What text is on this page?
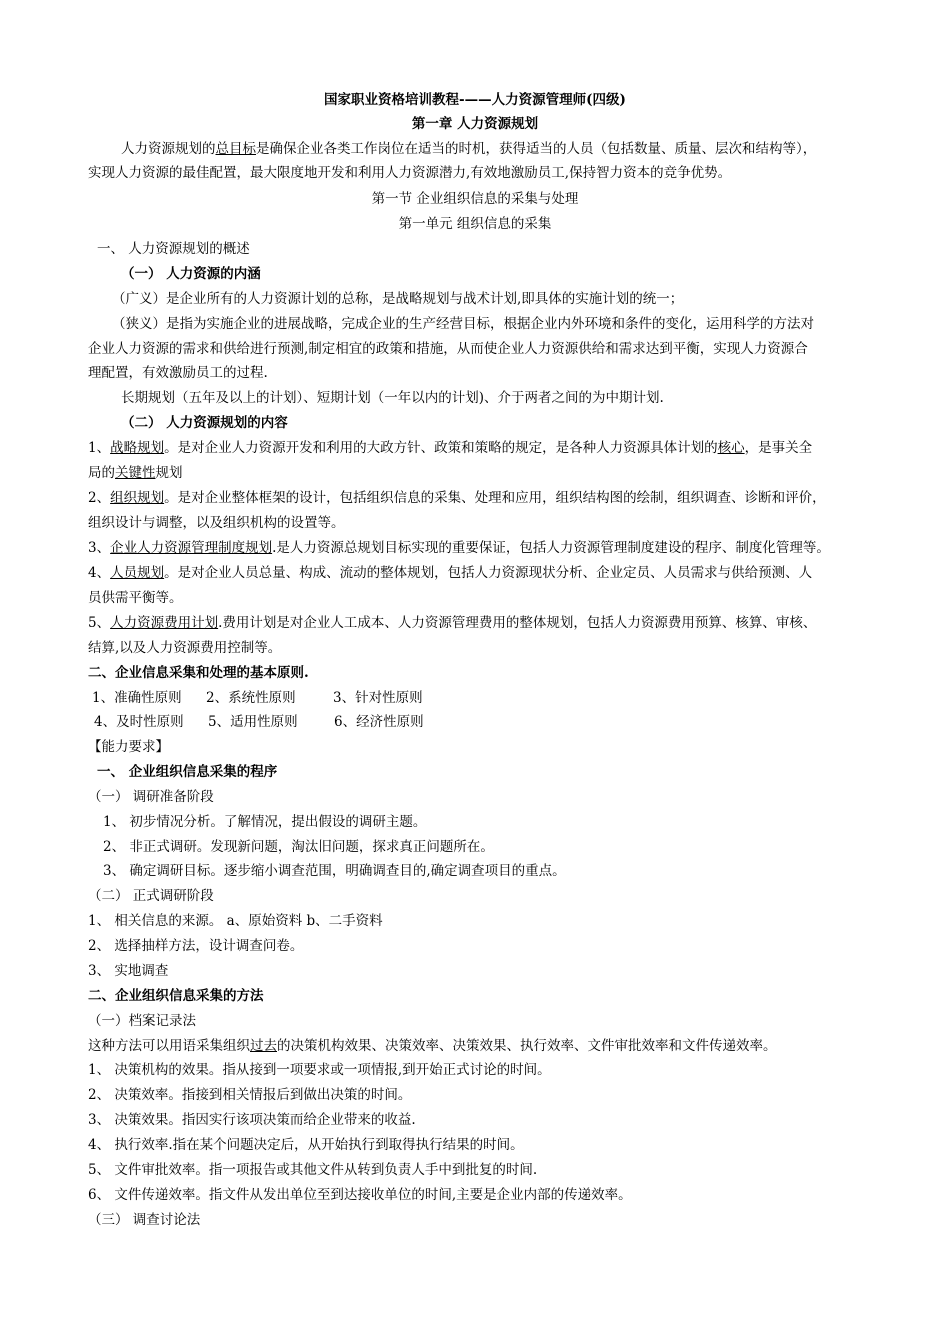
国家职业资格培训教程-——人力资源管理师(四级)
第一章 人力资源规划
人力资源规划的总目标是确保企业各类工作岗位在适当的时机，获得适当的人员（包括数量、质量、层次和结构等），
实现人力资源的最佳配置，最大限度地开发和利用人力资源潜力,有效地激励员工,保持智力资本的竞争优势。
第一节 企业组织信息的采集与处理
第一单元 组织信息的采集
一、 人力资源规划的概述
（一） 人力资源的内涵
（广义）是企业所有的人力资源计划的总称，是战略规划与战术计划,即具体的实施计划的统一；
（狭义）是指为实施企业的进展战略，完成企业的生产经营目标，根据企业内外环境和条件的变化，运用科学的方法对
企业人力资源的需求和供给进行预测,制定相宜的政策和措施，从而使企业人力资源供给和需求达到平衡，实现人力资源合
理配置，有效激励员工的过程.
长期规划（五年及以上的计划）、短期计划（一年以内的计划)、介于两者之间的为中期计划.
（二） 人力资源规划的内容
1、战略规划。是对企业人力资源开发和利用的大政方针、政策和策略的规定，是各种人力资源具体计划的核心，是事关全
局的关键性规划
2、组织规划。是对企业整体框架的设计，包括组织信息的采集、处理和应用，组织结构图的绘制，组织调查、诊断和评价，
组织设计与调整，以及组织机构的设置等。
3、企业人力资源管理制度规划.是人力资源总规划目标实现的重要保证，包括人力资源管理制度建设的程序、制度化管理等。
4、人员规划。是对企业人员总量、构成、流动的整体规划，包括人力资源现状分析、企业定员、人员需求与供给预测、人
员供需平衡等。
5、人力资源费用计划.费用计划是对企业人工成本、人力资源管理费用的整体规划，包括人力资源费用预算、核算、审核、
结算,以及人力资源费用控制等。
二、企业信息采集和处理的基本原则.
1、准确性原则 2、系统性原则	3、针对性原则
4、及时性原则 5、适用性原则	6、经济性原则
【能力要求】
一、 企业组织信息采集的程序
（一） 调研准备阶段
1、 初步情况分析。了解情况，提出假设的调研主题。
2、 非正式调研。发现新问题，淘汰旧问题，探求真正问题所在。
3、 确定调研目标。逐步缩小调查范围，明确调查目的,确定调查项目的重点。
（二） 正式调研阶段
1、 相关信息的来源。 a、原始资料 b、二手资料
2、 选择抽样方法，设计调查问卷。
3、 实地调查
二、企业组织信息采集的方法
（一）档案记录法
这种方法可以用语采集组织过去的决策机构效果、决策效率、决策效果、执行效率、文件审批效率和文件传递效率。
1、 决策机构的效果。指从接到一项要求或一项情报,到开始正式讨论的时间。
2、 决策效率。指接到相关情报后到做出决策的时间。
3、 决策效果。指因实行该项决策而给企业带来的收益.
4、 执行效率.指在某个问题决定后，从开始执行到取得执行结果的时间。
5、 文件审批效率。指一项报告或其他文件从转到负责人手中到批复的时间.
6、 文件传递效率。指文件从发出单位至到达接收单位的时间,主要是企业内部的传递效率。
（三） 调查讨论法
